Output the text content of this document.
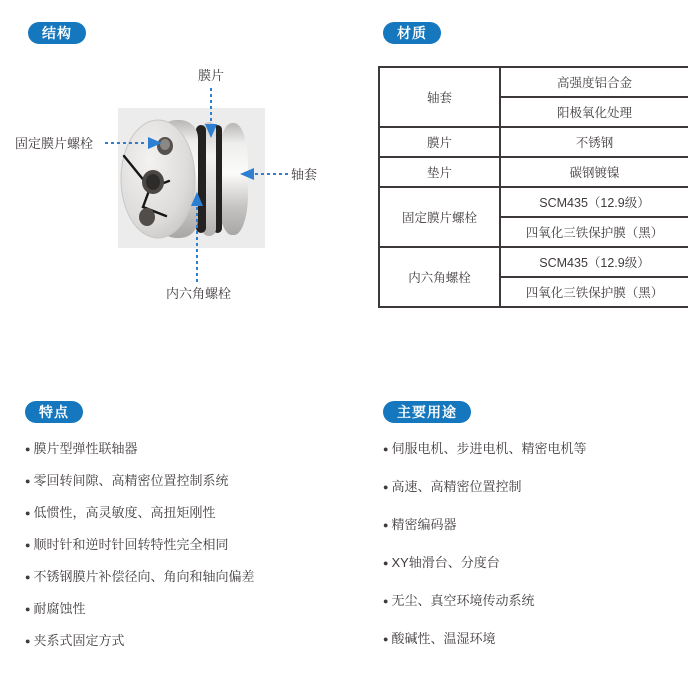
结构
膜片
固定膜片螺栓
轴套
内六角螺栓
材质
轴套	高强度铝合金
	阳极氧化处理
膜片	不锈钢
垫片	碳钢镀镍
固定膜片螺栓	SCM435（12.9级）
	四氧化三铁保护膜（黑）
内六角螺栓	SCM435（12.9级）
	四氧化三铁保护膜（黑）
特点
● 膜片型弹性联轴器
● 零回转间隙、高精密位置控制系统
● 低惯性，高灵敏度、高扭矩刚性
● 顺时针和逆时针回转特性完全相同
● 不锈钢膜片补偿径向、角向和轴向偏差
● 耐腐蚀性
● 夹系式固定方式
主要用途
● 伺服电机、步进电机、精密电机等
● 高速、高精密位置控制
● 精密编码器
● XY轴滑台、分度台
● 无尘、真空环境传动系统
● 酸碱性、温湿环境
